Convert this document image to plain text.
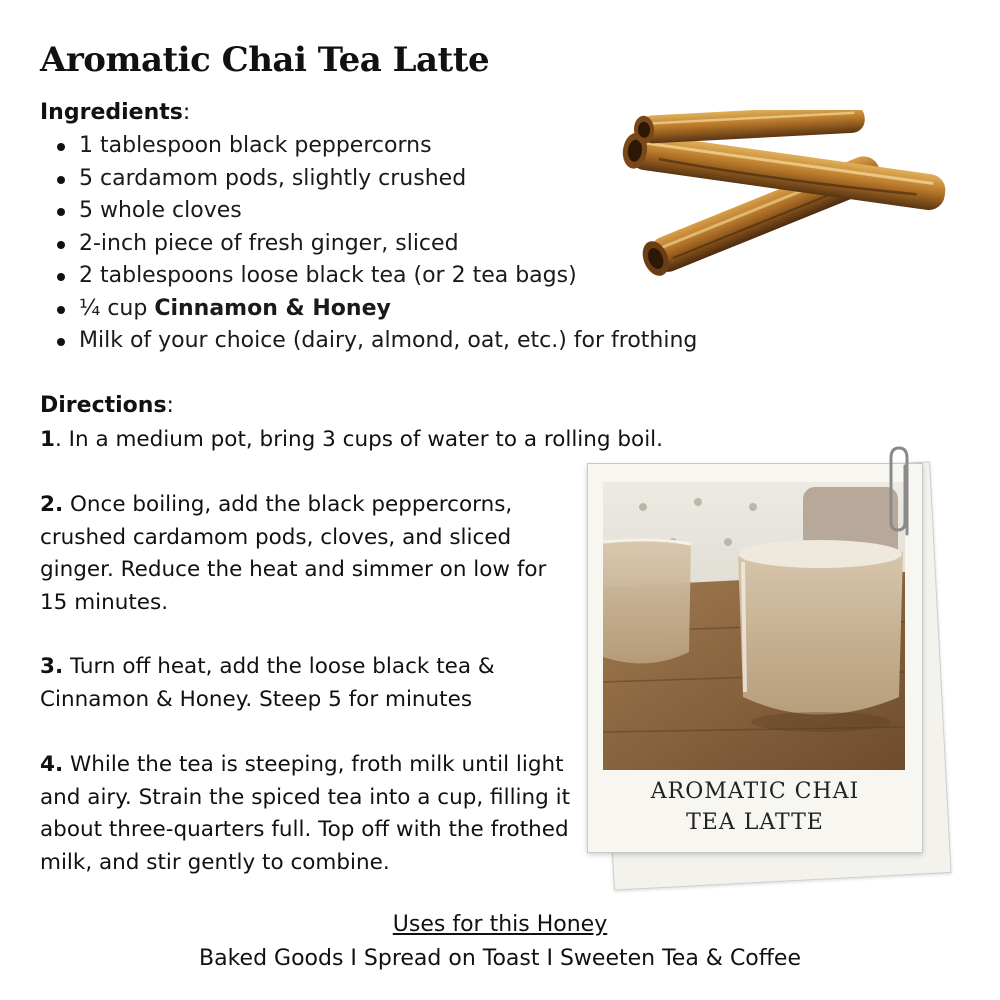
Aromatic Chai Tea Latte
Ingredients:
1 tablespoon black peppercorns
5 cardamom pods, slightly crushed
5 whole cloves
2-inch piece of fresh ginger, sliced
2 tablespoons loose black tea (or 2 tea bags)
¼ cup Cinnamon & Honey
Milk of your choice (dairy, almond, oat, etc.) for frothing
Directions:

1. In a medium pot, bring 3 cups of water to a rolling boil.

2. Once boiling, add the black peppercorns, crushed cardamom pods, cloves, and sliced ginger. Reduce the heat and simmer on low for 15 minutes.

3. Turn off heat, add the loose black tea & Cinnamon & Honey. Steep 5 for minutes

4. While the tea is steeping, froth milk until light and airy. Strain the spiced tea into a cup, filling it about three-quarters full. Top off with the frothed milk, and stir gently to combine.

AROMATIC CHAI
TEA LATTE
Uses for this Honey
Baked Goods I Spread on Toast I Sweeten Tea & Coffee
